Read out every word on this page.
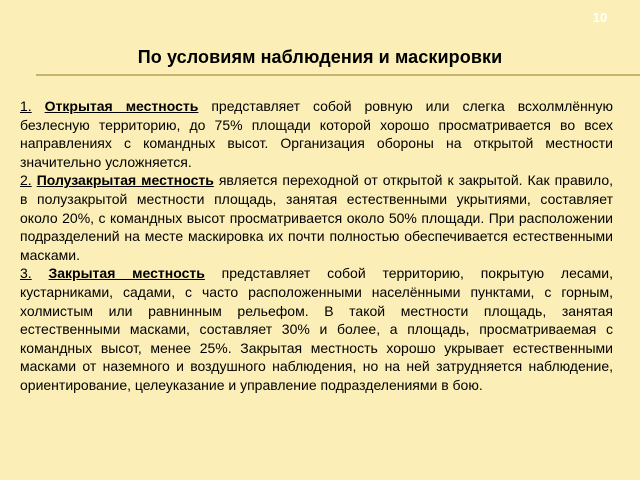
10
По условиям наблюдения и маскировки

1. Открытая местность представляет собой ровную или слегка всхолмлённую безлесную территорию, до 75% площади которой хорошо просматривается во всех направлениях с командных высот. Организация обороны на открытой местности значительно усложняется.

2. Полузакрытая местность является переходной от открытой к закрытой. Как правило, в полузакрытой местности площадь, занятая естественными укрытиями, составляет около 20%, с командных высот просматривается около 50% площади. При расположении подразделений на месте маскировка их почти полностью обеспечивается естественными масками.

3. Закрытая местность представляет собой территорию, покрытую лесами, кустарниками, садами, с часто расположенными населёнными пунктами, с горным, холмистым или равнинным рельефом. В такой местности площадь, занятая естественными масками, составляет 30% и более, а площадь, просматриваемая с командных высот, менее 25%. Закрытая местность хорошо укрывает естественными масками от наземного и воздушного наблюдения, но на ней затрудняется наблюдение, ориентирование, целеуказание и управление подразделениями в бою.
